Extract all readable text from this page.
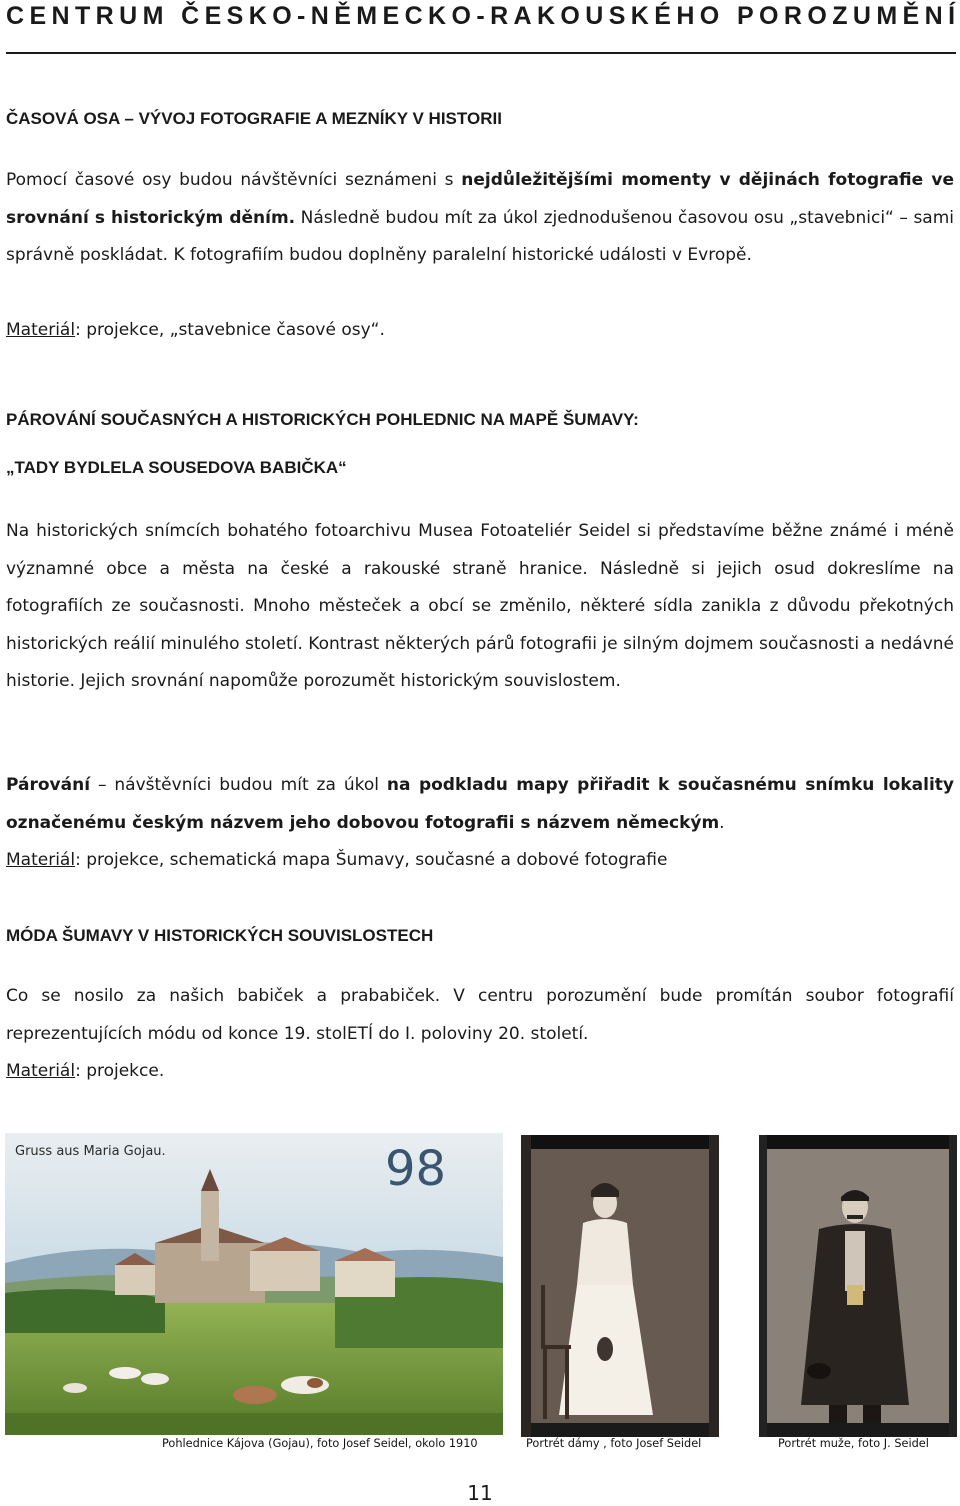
CENTRUM ČESKO-NĚMECKO-RAKOUSKÉHO POROZUMĚNÍ
ČASOVÁ OSA – VÝVOJ FOTOGRAFIE A MEZNÍKY V HISTORII
Pomocí časové osy budou návštěvníci seznámeni s nejdůležitějšími momenty v dějinách fotografie ve srovnání s historickým děním. Následně budou mít za úkol zjednodušenou časovou osu „stavebnici“ – sami správně poskládat. K fotografiím budou doplněny paralelní historické události v Evropě.
Materiál: projekce, „stavebnice časové osy“.
PÁROVÁNÍ SOUČASNÝCH A HISTORICKÝCH POHLEDNIC NA MAPĚ ŠUMAVY:
„TADY BYDLELA SOUSEDOVA BABIČKA“
Na historických snímcích bohatého fotoarchivu Musea Fotoateliér Seidel si představíme běžne známé i méně významné obce a města na české a rakouské straně hranice. Následně si jejich osud dokreslíme na fotografiích ze současnosti. Mnoho městeček a obcí se změnilo, některé sídla zanikla z důvodu překotných historických reálií minulého století. Kontrast některých párů fotografii je silným dojmem současnosti a nedávné historie. Jejich srovnání napomůže porozumět historickým souvislostem.
Párování – návštěvníci budou mít za úkol na podkladu mapy přiřadit k současnému snímku lokality označenému českým názvem jeho dobovou fotografii s názvem německým.
Materiál: projekce, schematická mapa Šumavy, současné a dobové fotografie
MÓDA ŠUMAVY V HISTORICKÝCH SOUVISLOSTECH
Co se nosilo za našich babiček a prababiček. V centru porozumění bude promítán soubor fotografií reprezentujících módu od konce 19. stolETÍ do I. poloviny 20. století.
Materiál: projekce.
Gruss aus Maria Gojau.	98
Pohlednice Kájova (Gojau), foto Josef Seidel, okolo 1910	Portrét dámy , foto Josef Seidel	Portrét muže, foto J. Seidel
11
